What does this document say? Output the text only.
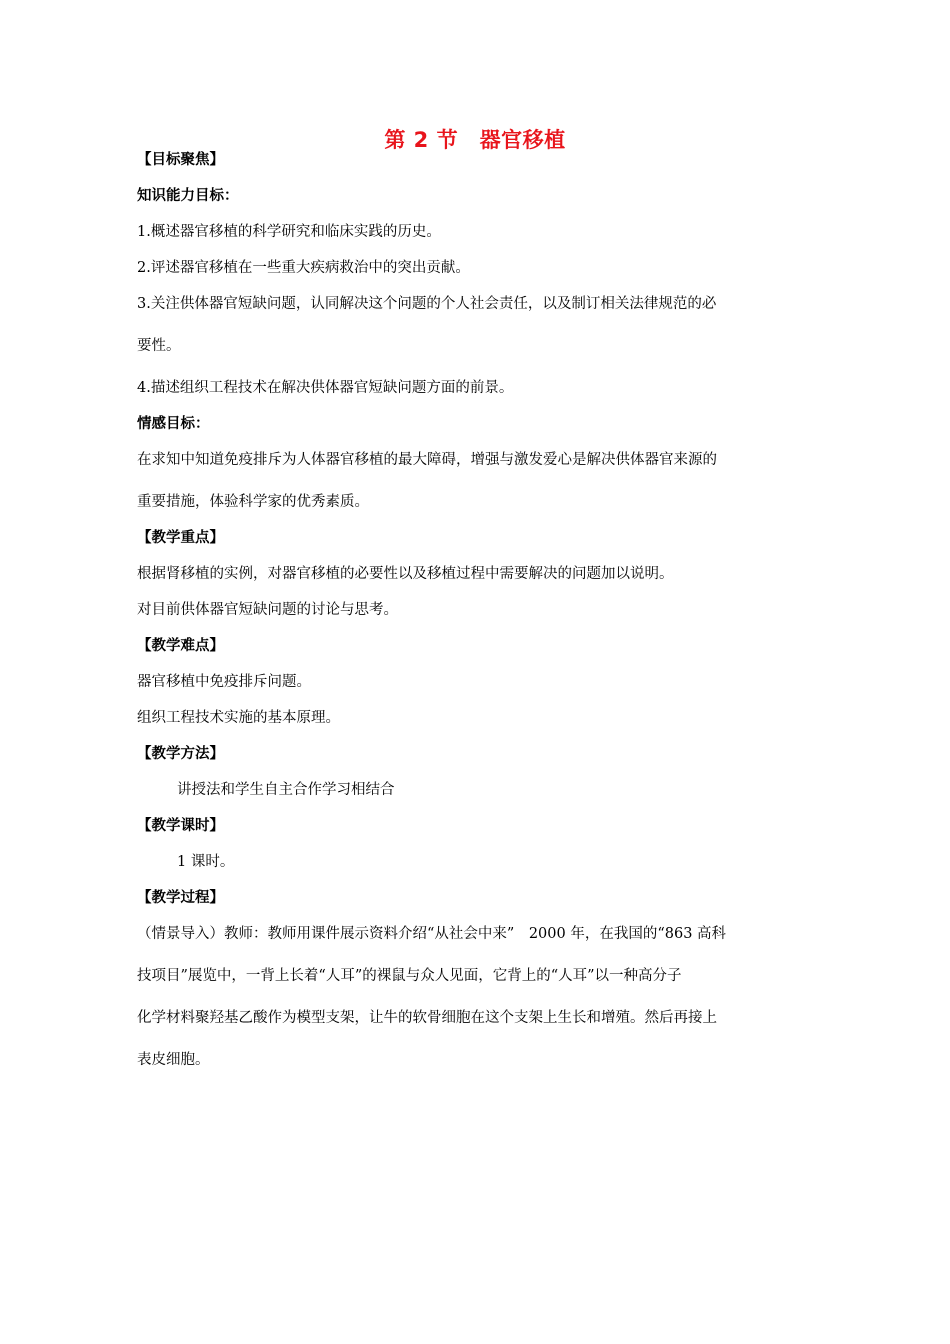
第 2 节　器官移植
【目标聚焦】
知识能力目标：
1.概述器官移植的科学研究和临床实践的历史。
2.评述器官移植在一些重大疾病救治中的突出贡献。
3.关注供体器官短缺问题，认同解决这个问题的个人社会责任，以及制订相关法律规范的必
要性。
4.描述组织工程技术在解决供体器官短缺问题方面的前景。
情感目标：
在求知中知道免疫排斥为人体器官移植的最大障碍，增强与激发爱心是解决供体器官来源的
重要措施，体验科学家的优秀素质。
【教学重点】
根据肾移植的实例，对器官移植的必要性以及移植过程中需要解决的问题加以说明。
对目前供体器官短缺问题的讨论与思考。
【教学难点】
器官移植中免疫排斥问题。
组织工程技术实施的基本原理。
【教学方法】
讲授法和学生自主合作学习相结合
【教学课时】
1 课时。
【教学过程】
（情景导入）教师：教师用课件展示资料介绍“从社会中来”　2000 年，在我国的“863 高科
技项目”展览中，一背上长着“人耳”的裸鼠与众人见面，它背上的“人耳”以一种高分子
化学材料聚羟基乙酸作为模型支架，让牛的软骨细胞在这个支架上生长和增殖。然后再接上
表皮细胞。
